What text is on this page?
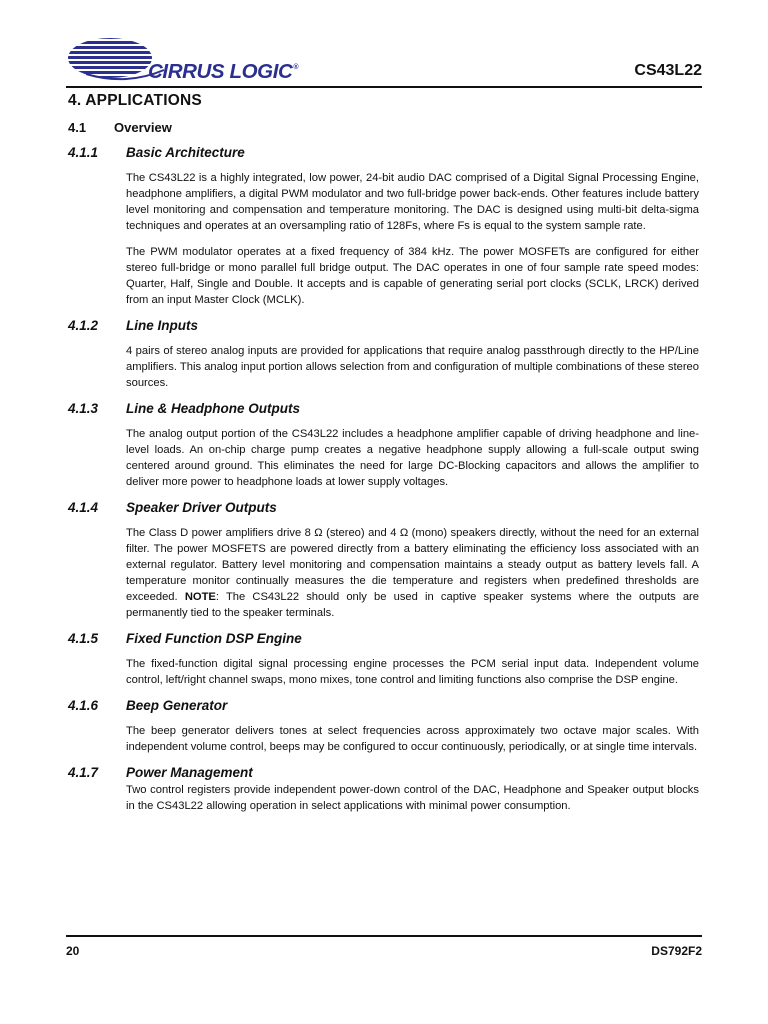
CIRRUS LOGIC®	CS43L22
4. APPLICATIONS
4.1 Overview
4.1.1 Basic Architecture

The CS43L22 is a highly integrated, low power, 24-bit audio DAC comprised of a Digital Signal Processing Engine, headphone amplifiers, a digital PWM modulator and two full-bridge power back-ends. Other features include battery level monitoring and compensation and temperature monitoring. The DAC is designed using multi-bit delta-sigma techniques and operates at an oversampling ratio of 128Fs, where Fs is equal to the system sample rate.

The PWM modulator operates at a fixed frequency of 384 kHz. The power MOSFETs are configured for either stereo full-bridge or mono parallel full bridge output. The DAC operates in one of four sample rate speed modes: Quarter, Half, Single and Double. It accepts and is capable of generating serial port clocks (SCLK, LRCK) derived from an input Master Clock (MCLK).

4.1.2 Line Inputs

4 pairs of stereo analog inputs are provided for applications that require analog passthrough directly to the HP/Line amplifiers. This analog input portion allows selection from and configuration of multiple combinations of these stereo sources.

4.1.3 Line & Headphone Outputs

The analog output portion of the CS43L22 includes a headphone amplifier capable of driving headphone and line-level loads. An on-chip charge pump creates a negative headphone supply allowing a full-scale output swing centered around ground. This eliminates the need for large DC-Blocking capacitors and allows the amplifier to deliver more power to headphone loads at lower supply voltages.

4.1.4 Speaker Driver Outputs

The Class D power amplifiers drive 8 Ω (stereo) and 4 Ω (mono) speakers directly, without the need for an external filter. The power MOSFETS are powered directly from a battery eliminating the efficiency loss associated with an external regulator. Battery level monitoring and compensation maintains a steady output as battery levels fall. A temperature monitor continually measures the die temperature and registers when predefined thresholds are exceeded. NOTE: The CS43L22 should only be used in captive speaker systems where the outputs are permanently tied to the speaker terminals.

4.1.5 Fixed Function DSP Engine

The fixed-function digital signal processing engine processes the PCM serial input data. Independent volume control, left/right channel swaps, mono mixes, tone control and limiting functions also comprise the DSP engine.

4.1.6 Beep Generator

The beep generator delivers tones at select frequencies across approximately two octave major scales. With independent volume control, beeps may be configured to occur continuously, periodically, or at single time intervals.

4.1.7 Power Management

Two control registers provide independent power-down control of the DAC, Headphone and Speaker output blocks in the CS43L22 allowing operation in select applications with minimal power consumption.

20	DS792F2
